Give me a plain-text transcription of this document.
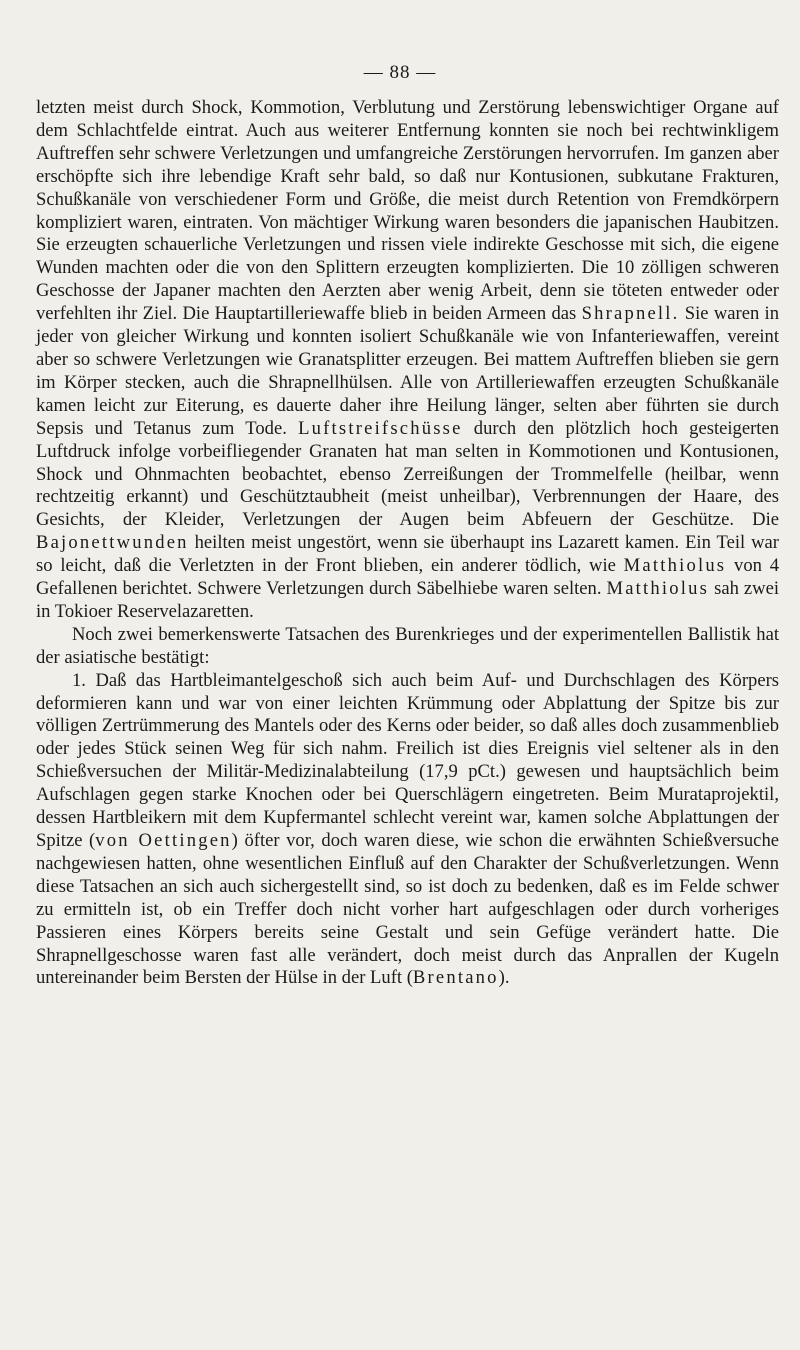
— 88 —

letzten meist durch Shock, Kommotion, Verblutung und Zerstörung lebenswichtiger Organe auf dem Schlachtfelde eintrat. Auch aus weiterer Entfernung konnten sie noch bei rechtwinkligem Auftreffen sehr schwere Verletzungen und umfangreiche Zerstörungen hervorrufen. Im ganzen aber erschöpfte sich ihre lebendige Kraft sehr bald, so daß nur Kontusionen, subkutane Frakturen, Schußkanäle von verschiedener Form und Größe, die meist durch Retention von Fremdkörpern kompliziert waren, eintraten. Von mächtiger Wirkung waren besonders die japanischen Haubitzen. Sie erzeugten schauerliche Verletzungen und rissen viele indirekte Geschosse mit sich, die eigene Wunden machten oder die von den Splittern erzeugten komplizierten. Die 10 zölligen schweren Geschosse der Japaner machten den Aerzten aber wenig Arbeit, denn sie töteten entweder oder verfehlten ihr Ziel. Die Hauptartilleriewaffe blieb in beiden Armeen das Shrapnell. Sie waren in jeder von gleicher Wirkung und konnten isoliert Schußkanäle wie von Infanteriewaffen, vereint aber so schwere Verletzungen wie Granatsplitter erzeugen. Bei mattem Auftreffen blieben sie gern im Körper stecken, auch die Shrapnellhülsen. Alle von Artilleriewaffen erzeugten Schußkanäle kamen leicht zur Eiterung, es dauerte daher ihre Heilung länger, selten aber führten sie durch Sepsis und Tetanus zum Tode. Luftstreifschüsse durch den plötzlich hoch gesteigerten Luftdruck infolge vorbeifliegender Granaten hat man selten in Kommotionen und Kontusionen, Shock und Ohnmachten beobachtet, ebenso Zerreißungen der Trommelfelle (heilbar, wenn rechtzeitig erkannt) und Geschütztaubheit (meist unheilbar), Verbrennungen der Haare, des Gesichts, der Kleider, Verletzungen der Augen beim Abfeuern der Geschütze. Die Bajonettwunden heilten meist ungestört, wenn sie überhaupt ins Lazarett kamen. Ein Teil war so leicht, daß die Verletzten in der Front blieben, ein anderer tödlich, wie Matthiolus von 4 Gefallenen berichtet. Schwere Verletzungen durch Säbelhiebe waren selten. Matthiolus sah zwei in Tokioer Reservelazaretten.

Noch zwei bemerkenswerte Tatsachen des Burenkrieges und der experimentellen Ballistik hat der asiatische bestätigt:

1. Daß das Hartbleimantelgeschoß sich auch beim Auf- und Durchschlagen des Körpers deformieren kann und war von einer leichten Krümmung oder Abplattung der Spitze bis zur völligen Zertrümmerung des Mantels oder des Kerns oder beider, so daß alles doch zusammenblieb oder jedes Stück seinen Weg für sich nahm. Freilich ist dies Ereignis viel seltener als in den Schießversuchen der Militär-Medizinalabteilung (17,9 pCt.) gewesen und hauptsächlich beim Aufschlagen gegen starke Knochen oder bei Querschlägern eingetreten. Beim Murataprojektil, dessen Hartbleikern mit dem Kupfermantel schlecht vereint war, kamen solche Abplattungen der Spitze (von Oettingen) öfter vor, doch waren diese, wie schon die erwähnten Schießversuche nachgewiesen hatten, ohne wesentlichen Einfluß auf den Charakter der Schußverletzungen. Wenn diese Tatsachen an sich auch sichergestellt sind, so ist doch zu bedenken, daß es im Felde schwer zu ermitteln ist, ob ein Treffer doch nicht vorher hart aufgeschlagen oder durch vorheriges Passieren eines Körpers bereits seine Gestalt und sein Gefüge verändert hatte. Die Shrapnellgeschosse waren fast alle verändert, doch meist durch das Anprallen der Kugeln untereinander beim Bersten der Hülse in der Luft (Brentano).
